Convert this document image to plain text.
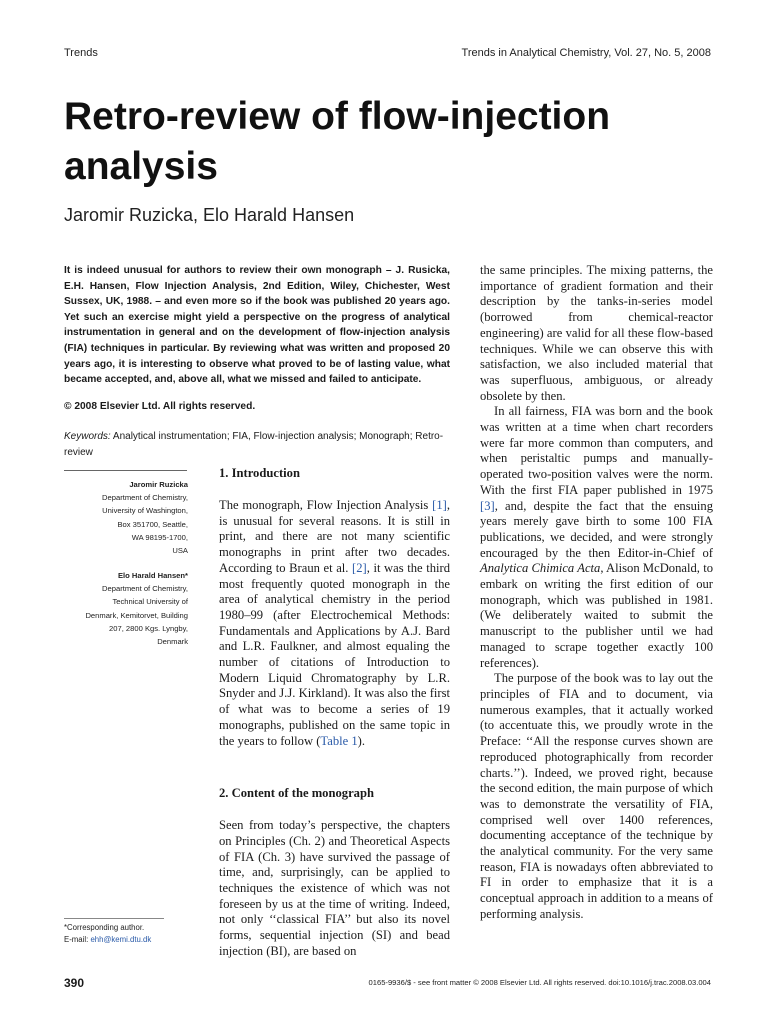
Trends	Trends in Analytical Chemistry, Vol. 27, No. 5, 2008
Retro-review of flow-injection analysis

Jaromir Ruzicka, Elo Harald Hansen

It is indeed unusual for authors to review their own monograph – J. Rusicka, E.H. Hansen, Flow Injection Analysis, 2nd Edition, Wiley, Chichester, West Sussex, UK, 1988. – and even more so if the book was published 20 years ago. Yet such an exercise might yield a perspective on the progress of analytical instrumentation in general and on the development of flow-injection analysis (FIA) techniques in particular. By reviewing what was written and proposed 20 years ago, it is interesting to observe what proved to be of lasting value, what became accepted, and, above all, what we missed and failed to anticipate.

© 2008 Elsevier Ltd. All rights reserved.

Keywords: Analytical instrumentation; FIA, Flow-injection analysis; Monograph; Retro-review

Jaromir Ruzicka
Department of Chemistry,
University of Washington,
Box 351700, Seattle,
WA 98195-1700,
USA
Elo Harald Hansen*
Department of Chemistry,
Technical University of
Denmark, Kemitorvet, Building
207, 2800 Kgs. Lyngby,
Denmark
*Corresponding author.
E-mail: ehh@kemi.dtu.dk
1. Introduction

The monograph, Flow Injection Analysis [1], is unusual for several reasons. It is still in print, and there are not many scientific monographs in print after two decades. According to Braun et al. [2], it was the third most frequently quoted monograph in the area of analytical chemistry in the period 1980–99 (after Electrochemical Methods: Fundamentals and Applications by A.J. Bard and L.R. Faulkner, and almost equaling the number of citations of Introduction to Modern Liquid Chromatography by L.R. Snyder and J.J. Kirkland). It was also the first of what was to become a series of 19 monographs, published on the same topic in the years to follow (Table 1).

2. Content of the monograph

Seen from today’s perspective, the chapters on Principles (Ch. 2) and Theoretical Aspects of FIA (Ch. 3) have survived the passage of time, and, surprisingly, can be applied to techniques the existence of which was not foreseen by us at the time of writing. Indeed, not only ‘‘classical FIA’’ but also its novel forms, sequential injection (SI) and bead injection (BI), are based on

the same principles. The mixing patterns, the importance of gradient formation and their description by the tanks-in-series model (borrowed from chemical-reactor engineering) are valid for all these flow-based techniques. While we can observe this with satisfaction, we also included material that was superfluous, ambiguous, or already obsolete by then.

In all fairness, FIA was born and the book was written at a time when chart recorders were far more common than computers, and when peristaltic pumps and manually-operated two-position valves were the norm. With the first FIA paper published in 1975 [3], and, despite the fact that the ensuing years merely gave birth to some 100 FIA publications, we decided, and were strongly encouraged by the then Editor-in-Chief of Analytica Chimica Acta, Alison McDonald, to embark on writing the first edition of our monograph, which was published in 1981. (We deliberately waited to submit the manuscript to the publisher until we had managed to scrape together exactly 100 references).

The purpose of the book was to lay out the principles of FIA and to document, via numerous examples, that it actually worked (to accentuate this, we proudly wrote in the Preface: ‘‘All the response curves shown are reproduced photographically from recorder charts.’’). Indeed, we proved right, because the second edition, the main purpose of which was to demonstrate the versatility of FIA, comprised well over 1400 references, documenting acceptance of the technique by the analytical community. For the very same reason, FIA is nowadays often abbreviated to FI in order to emphasize that it is a conceptual approach in addition to a means of performing analysis.

390	0165-9936/$ - see front matter © 2008 Elsevier Ltd. All rights reserved. doi:10.1016/j.trac.2008.03.004
